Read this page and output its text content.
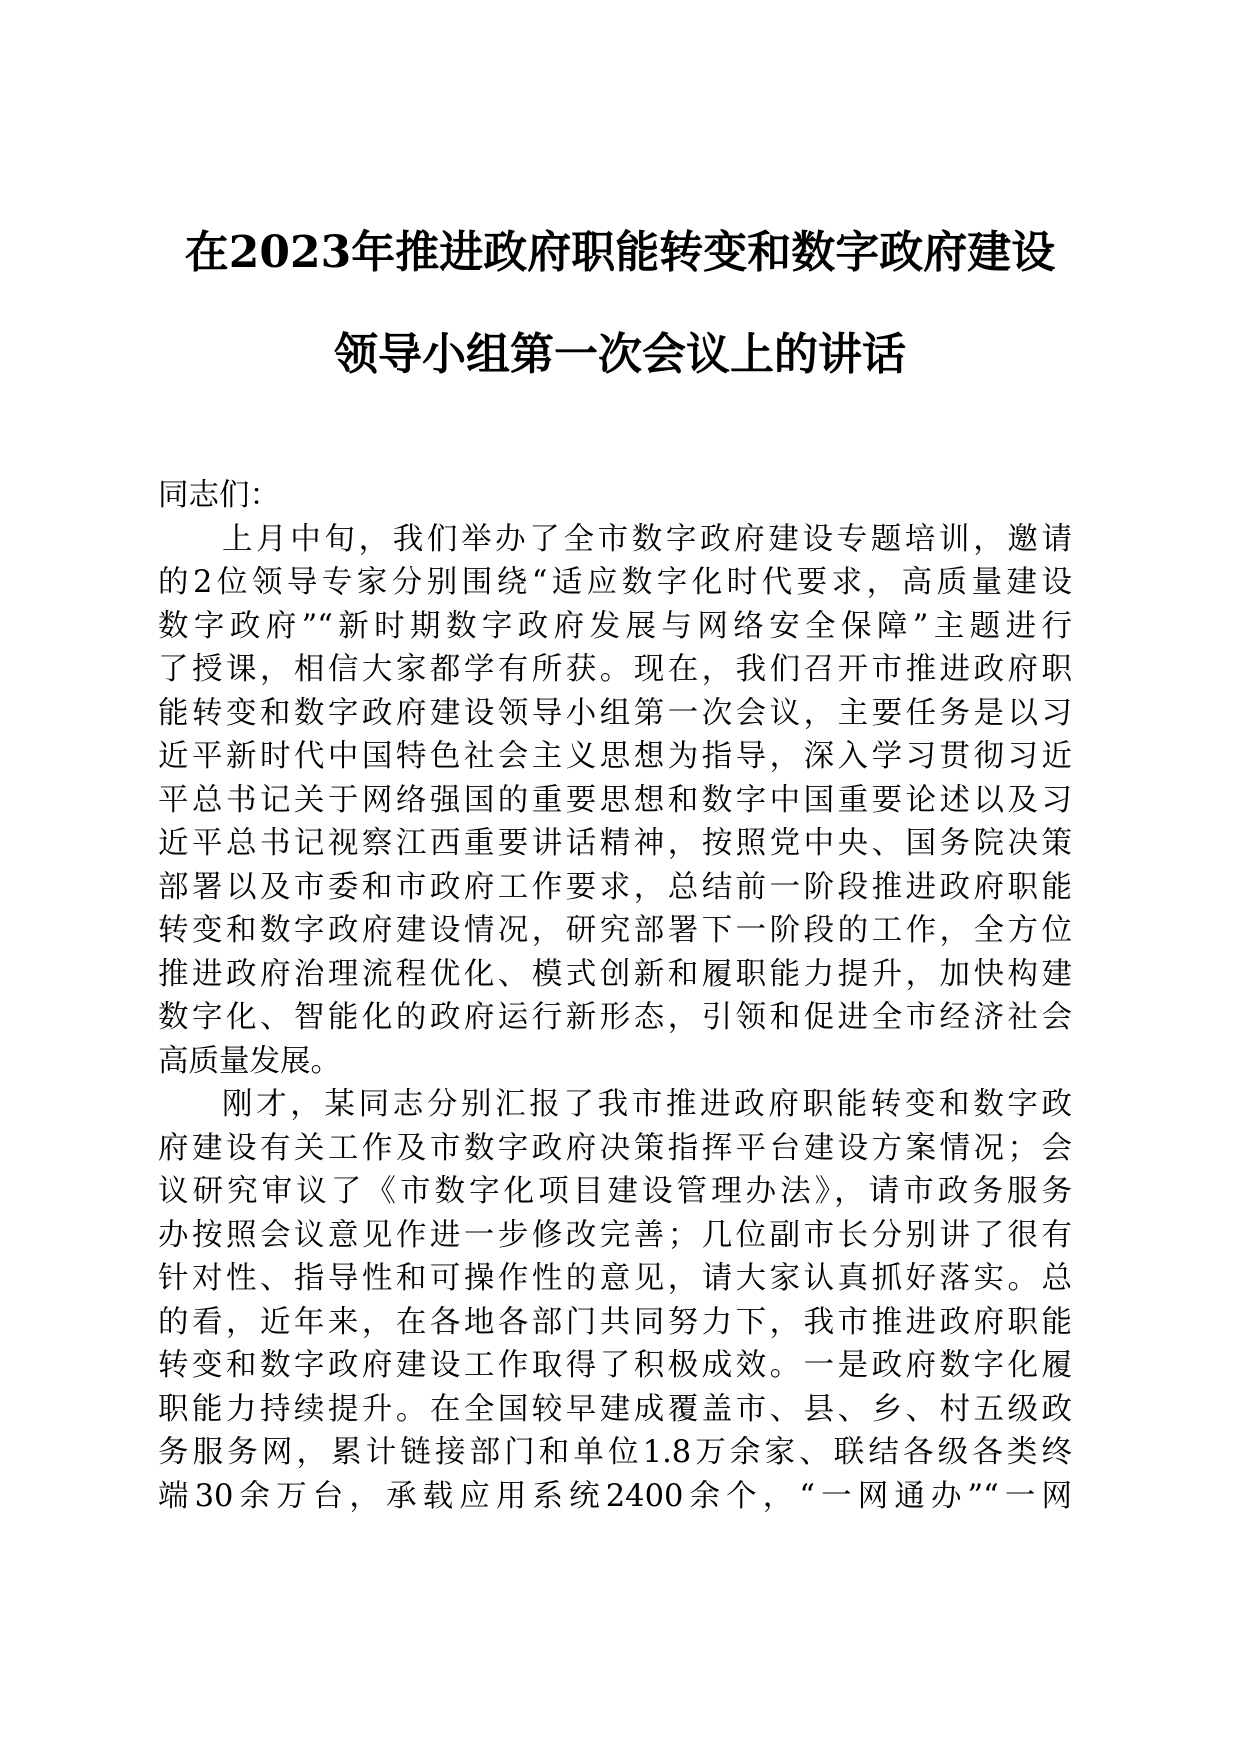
在2023年推进政府职能转变和数字政府建设
领导小组第一次会议上的讲话
同志们：
上月中旬，我们举办了全市数字政府建设专题培训，邀请
的2位领导专家分别围绕“适应数字化时代要求，高质量建设
数字政府”“新时期数字政府发展与网络安全保障”主题进行
了授课，相信大家都学有所获。现在，我们召开市推进政府职
能转变和数字政府建设领导小组第一次会议，主要任务是以习
近平新时代中国特色社会主义思想为指导，深入学习贯彻习近
平总书记关于网络强国的重要思想和数字中国重要论述以及习
近平总书记视察江西重要讲话精神，按照党中央、国务院决策
部署以及市委和市政府工作要求，总结前一阶段推进政府职能
转变和数字政府建设情况，研究部署下一阶段的工作，全方位
推进政府治理流程优化、模式创新和履职能力提升，加快构建
数字化、智能化的政府运行新形态，引领和促进全市经济社会
高质量发展。
刚才，某同志分别汇报了我市推进政府职能转变和数字政
府建设有关工作及市数字政府决策指挥平台建设方案情况；会
议研究审议了《市数字化项目建设管理办法》，请市政务服务
办按照会议意见作进一步修改完善；几位副市长分别讲了很有
针对性、指导性和可操作性的意见，请大家认真抓好落实。总
的看，近年来，在各地各部门共同努力下，我市推进政府职能
转变和数字政府建设工作取得了积极成效。一是政府数字化履
职能力持续提升。在全国较早建成覆盖市、县、乡、村五级政
务服务网，累计链接部门和单位1.8万余家、联结各级各类终
端30余万台，承载应用系统2400余个，“一网通办”“一网
